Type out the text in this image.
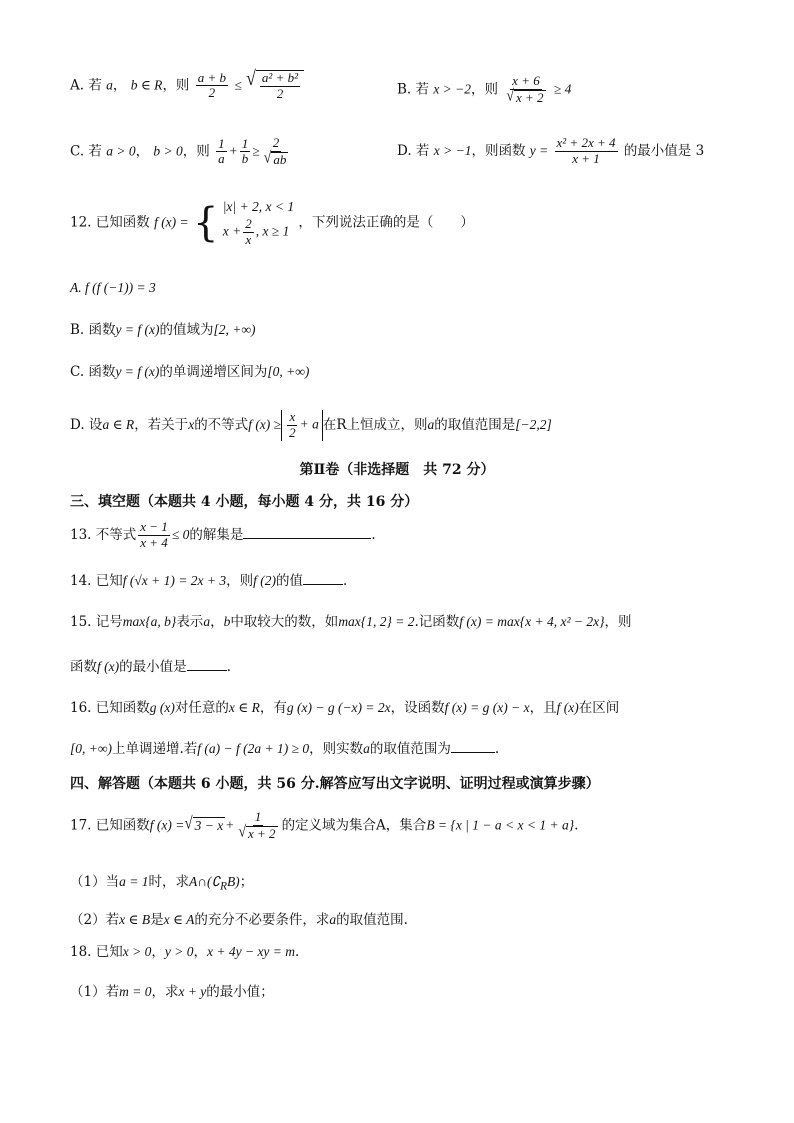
A. 若 a， b ∈ R，则 $\frac{a + b}{2}$ ≤ √ $\frac{\text{a² + b²}}{2}$	B. 若 x > −2，则 $\frac{x + 6}{√ x + 2} \ge 4$
C. 若 a > 0， b > 0，则 $\frac{1}{a} + \frac{1}{b} \ge \frac{2}{√ ab}$	D. 若 x > −1，则函数 $y = \frac{\text{x² + 2x + 4}}{x + 1}$ 的最小值是 3
12. 已知函数 f (x) = { |x| + 2, x < 1
$x + \frac{2}{x}$ , x ≥ 1
，下列说法正确的是（　　）
A. f (f (−1)) = 3
B. 函数y = f (x)的值域为[2, +∞)
C. 函数y = f (x)的单调递增区间为[0, +∞)
D. 设a ∈ R，若关于x的不等式f $(x) \ge \frac{x}{2} + a$ 在R上恒成立，则a的取值范围是[−2,2]
第Ⅱ卷（非选择题　共 72 分）
三、填空题（本题共 4 小题，每小题 4 分，共 16 分）
13. 不等式 $\frac{x - 1}{x + 4} \le 0$的解集是	.
14. 已知f (√x + 1) = 2x + 3，则f (2)的值	.
15. 记号max{a, b}表示a，b中取较大的数，如max{1, 2} = 2.记函数f (x) = max{x + 4, x² − 2x}，则
函数f (x)的最小值是	.
16. 已知函数g (x)对任意的x ∈ R，有g (x) − g (−x) = 2x，设函数f (x) = g (x) − x，且f (x)在区间
[0, +∞)上单调递增.若f (a) − f (2a + 1) ≥ 0，则实数a的取值范围为	.
四、解答题（本题共 6 小题，共 56 分.解答应写出文字说明、证明过程或演算步骤）
17. 已知函数f (x) = √ $3 - x + \frac{1}{√ x + 2}$ 的定义域为集合A，集合B = {x | 1 − a < x < 1 + a}.
（1）当a = 1时，求$A\cap(∁_RB)$；
（2）若x ∈ B是x ∈ A的充分不必要条件，求a的取值范围.
18. 已知x > 0，y > 0，x + 4y − xy = m.
（1）若m = 0，求x + y的最小值；
